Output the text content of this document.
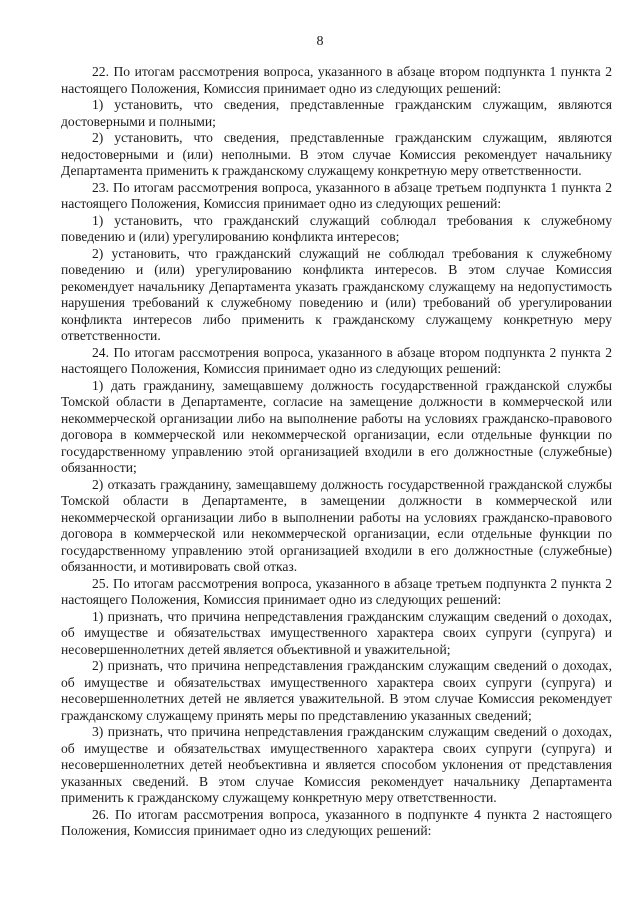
8

22. По итогам рассмотрения вопроса, указанного в абзаце втором подпункта 1 пункта 2 настоящего Положения, Комиссия принимает одно из следующих решений:

1) установить, что сведения, представленные гражданским служащим, являются достоверными и полными;

2) установить, что сведения, представленные гражданским служащим, являются недостоверными и (или) неполными. В этом случае Комиссия рекомендует начальнику Департамента применить к гражданскому служащему конкретную меру ответственности.

23. По итогам рассмотрения вопроса, указанного в абзаце третьем подпункта 1 пункта 2 настоящего Положения, Комиссия принимает одно из следующих решений:

1) установить, что гражданский служащий соблюдал требования к служебному поведению и (или) урегулированию конфликта интересов;

2) установить, что гражданский служащий не соблюдал требования к служебному поведению и (или) урегулированию конфликта интересов. В этом случае Комиссия рекомендует начальнику Департамента указать гражданскому служащему на недопустимость нарушения требований к служебному поведению и (или) требований об урегулировании конфликта интересов либо применить к гражданскому служащему конкретную меру ответственности.

24. По итогам рассмотрения вопроса, указанного в абзаце втором подпункта 2 пункта 2 настоящего Положения, Комиссия принимает одно из следующих решений:

1) дать гражданину, замещавшему должность государственной гражданской службы Томской области в Департаменте, согласие на замещение должности в коммерческой или некоммерческой организации либо на выполнение работы на условиях гражданско-правового договора в коммерческой или некоммерческой организации, если отдельные функции по государственному управлению этой организацией входили в его должностные (служебные) обязанности;

2) отказать гражданину, замещавшему должность государственной гражданской службы Томской области в Департаменте, в замещении должности в коммерческой или некоммерческой организации либо в выполнении работы на условиях гражданско-правового договора в коммерческой или некоммерческой организации, если отдельные функции по государственному управлению этой организацией входили в его должностные (служебные) обязанности, и мотивировать свой отказ.

25. По итогам рассмотрения вопроса, указанного в абзаце третьем подпункта 2 пункта 2 настоящего Положения, Комиссия принимает одно из следующих решений:

1) признать, что причина непредставления гражданским служащим сведений о доходах, об имуществе и обязательствах имущественного характера своих супруги (супруга) и несовершеннолетних детей является объективной и уважительной;

2) признать, что причина непредставления гражданским служащим сведений о доходах, об имуществе и обязательствах имущественного характера своих супруги (супруга) и несовершеннолетних детей не является уважительной. В этом случае Комиссия рекомендует гражданскому служащему принять меры по представлению указанных сведений;

3) признать, что причина непредставления гражданским служащим сведений о доходах, об имуществе и обязательствах имущественного характера своих супруги (супруга) и несовершеннолетних детей необъективна и является способом уклонения от представления указанных сведений. В этом случае Комиссия рекомендует начальнику Департамента применить к гражданскому служащему конкретную меру ответственности.

26. По итогам рассмотрения вопроса, указанного в подпункте 4 пункта 2 настоящего Положения, Комиссия принимает одно из следующих решений:
